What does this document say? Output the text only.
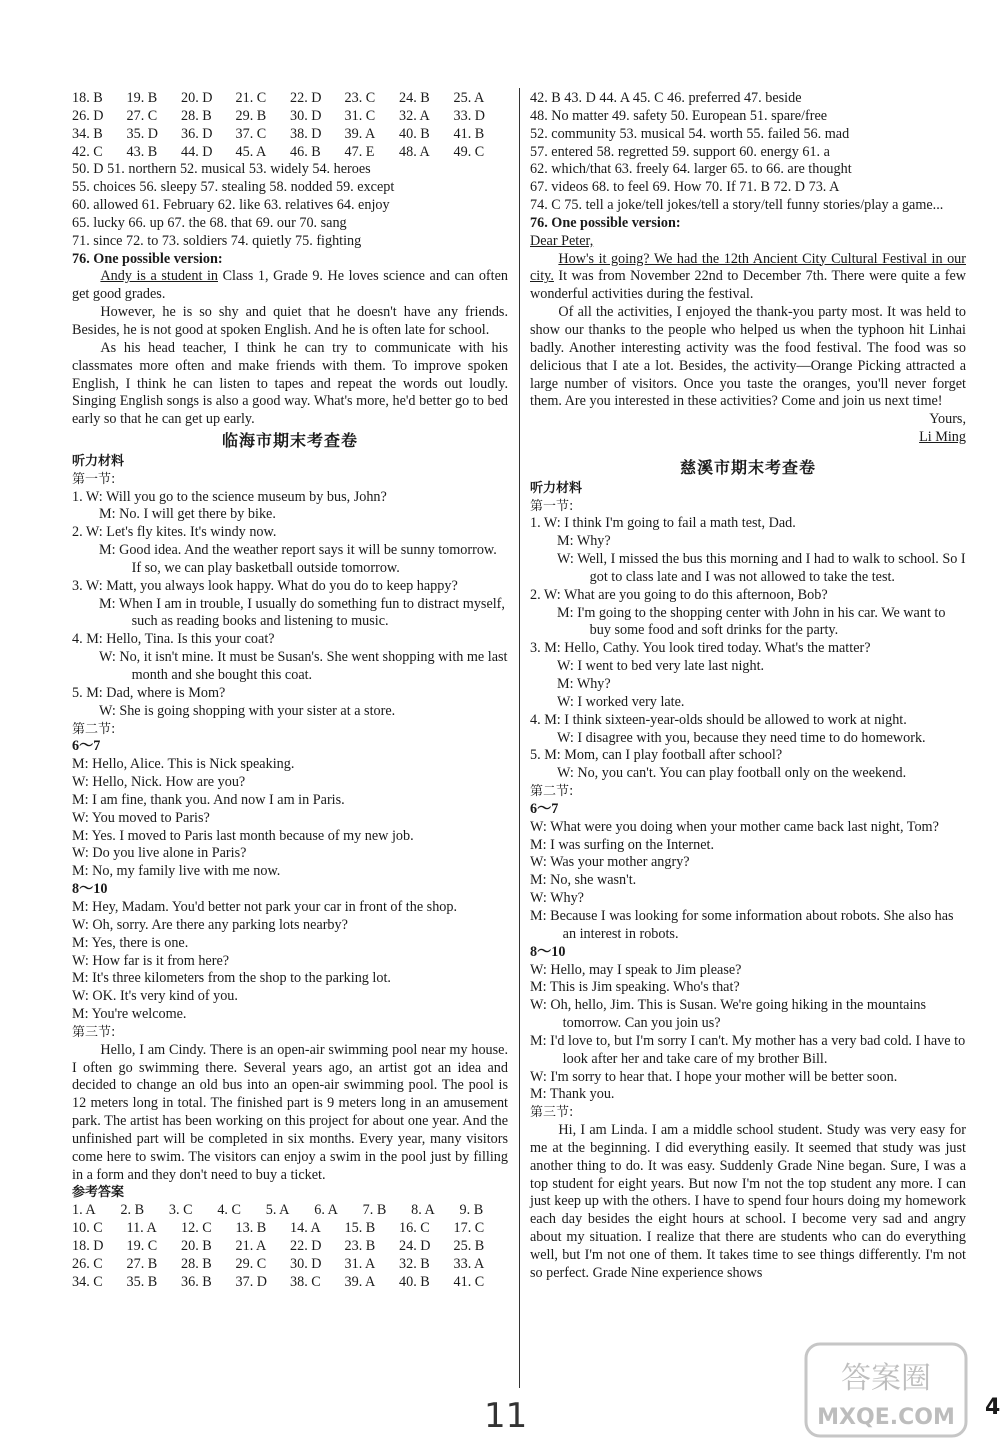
18. B	19. B	20. D	21. C	22. D	23. C	24. B	25. A
26. D	27. C	28. B	29. B	30. D	31. C	32. A	33. D
34. B	35. D	36. D	37. C	38. D	39. A	40. B	41. B
42. C	43. B	44. D	45. A	46. B	47. E	48. A	49. C
50. D 51. northern 52. musical 53. widely 54. heroes
55. choices 56. sleepy 57. stealing 58. nodded 59. except
60. allowed 61. February 62. like 63. relatives 64. enjoy
65. lucky 66. up 67. the 68. that 69. our 70. sang
71. since 72. to 73. soldiers 74. quietly 75. fighting
76. One possible version:

Andy is a student in Class 1, Grade 9. He loves science and can often get good grades.

However, he is so shy and quiet that he doesn't have any friends. Besides, he is not good at spoken English. And he is often late for school.

As his head teacher, I think he can try to communicate with his classmates more often and make friends with them. To improve spoken English, I think he can listen to tapes and repeat the words out loudly. Singing English songs is also a good way. What's more, he'd better go to bed early so that he can get up early.

临海市期末考查卷
听力材料
第一节:
1. W: Will you go to the science museum by bus, John?
M: No. I will get there by bike.
2. W: Let's fly kites. It's windy now.
M: Good idea. And the weather report says it will be sunny tomorrow. If so, we can play basketball outside tomorrow.
3. W: Matt, you always look happy. What do you do to keep happy?
M: When I am in trouble, I usually do something fun to distract myself, such as reading books and listening to music.
4. M: Hello, Tina. Is this your coat?
W: No, it isn't mine. It must be Susan's. She went shopping with me last month and she bought this coat.
5. M: Dad, where is Mom?
W: She is going shopping with your sister at a store.
第二节:
6～7
M: Hello, Alice. This is Nick speaking.
W: Hello, Nick. How are you?
M: I am fine, thank you. And now I am in Paris.
W: You moved to Paris?
M: Yes. I moved to Paris last month because of my new job.
W: Do you live alone in Paris?
M: No, my family live with me now.
8～10
M: Hey, Madam. You'd better not park your car in front of the shop.
W: Oh, sorry. Are there any parking lots nearby?
M: Yes, there is one.
W: How far is it from here?
M: It's three kilometers from the shop to the parking lot.
W: OK. It's very kind of you.
M: You're welcome.
第三节:

Hello, I am Cindy. There is an open-air swimming pool near my house. I often go swimming there. Several years ago, an artist got an idea and decided to change an old bus into an open-air swimming pool. The pool is 12 meters long in total. The finished part is 9 meters long in an amusement park. The artist has been working on this project for about one year. And the unfinished part will be completed in six months. Every year, many visitors come here to swim. The visitors can enjoy a swim in the pool just by filling in a form and they don't need to buy a ticket.

参考答案
1. A	2. B	3. C	4. C	5. A	6. A	7. B	8. A	9. B
10. C	11. A	12. C	13. B	14. A	15. B	16. C	17. C
18. D	19. C	20. B	21. A	22. D	23. B	24. D	25. B
26. C	27. B	28. B	29. C	30. D	31. A	32. B	33. A
34. C	35. B	36. B	37. D	38. C	39. A	40. B	41. C
42. B 43. D 44. A 45. C 46. preferred 47. beside
48. No matter 49. safety 50. European 51. spare/free
52. community 53. musical 54. worth 55. failed 56. mad
57. entered 58. regretted 59. support 60. energy 61. a
62. which/that 63. freely 64. larger 65. to 66. are thought
67. videos 68. to feel 69. How 70. If 71. B 72. D 73. A
74. C 75. tell a joke/tell jokes/tell a story/tell funny stories/play a game...
76. One possible version:
Dear Peter,

How's it going? We had the 12th Ancient City Cultural Festival in our city. It was from November 22nd to December 7th. There were quite a few wonderful activities during the festival.

Of all the activities, I enjoyed the thank-you party most. It was held to show our thanks to the people who helped us when the typhoon hit Linhai badly. Another interesting activity was the food festival. The food was so delicious that I ate a lot. Besides, the activity—Orange Picking attracted a large number of visitors. Once you taste the oranges, you'll never forget them. Are you interested in these activities? Come and join us next time!

Yours,
Li Ming
慈溪市期末考查卷
听力材料
第一节:
1. W: I think I'm going to fail a math test, Dad.
M: Why?
W: Well, I missed the bus this morning and I had to walk to school. So I got to class late and I was not allowed to take the test.
2. W: What are you going to do this afternoon, Bob?
M: I'm going to the shopping center with John in his car. We want to buy some food and soft drinks for the party.
3. M: Hello, Cathy. You look tired today. What's the matter?
W: I went to bed very late last night.
M: Why?
W: I worked very late.
4. M: I think sixteen-year-olds should be allowed to work at night.
W: I disagree with you, because they need time to do homework.
5. M: Mom, can I play football after school?
W: No, you can't. You can play football only on the weekend.
第二节:
6～7
W: What were you doing when your mother came back last night, Tom?
M: I was surfing on the Internet.
W: Was your mother angry?
M: No, she wasn't.
W: Why?
M: Because I was looking for some information about robots. She also has an interest in robots.
8～10
W: Hello, may I speak to Jim please?
M: This is Jim speaking. Who's that?
W: Oh, hello, Jim. This is Susan. We're going hiking in the mountains tomorrow. Can you join us?
M: I'd love to, but I'm sorry I can't. My mother has a very bad cold. I have to look after her and take care of my brother Bill.
W: I'm sorry to hear that. I hope your mother will be better soon.
M: Thank you.
第三节:

Hi, I am Linda. I am a middle school student. Study was very easy for me at the beginning. I did everything easily. It seemed that study was just another thing to do. It was easy. Suddenly Grade Nine began. Sure, I was a top student for eight years. But now I'm not the top student any more. I can just keep up with the others. I have to spend four hours doing my homework each day besides the eight hours at school. I become very sad and angry about my situation. I realize that there are students who can do everything well, but I'm not one of them. It takes time to see things differently. I'm not so perfect. Grade Nine experience shows

11
答案圈
MXQE.COM 4
